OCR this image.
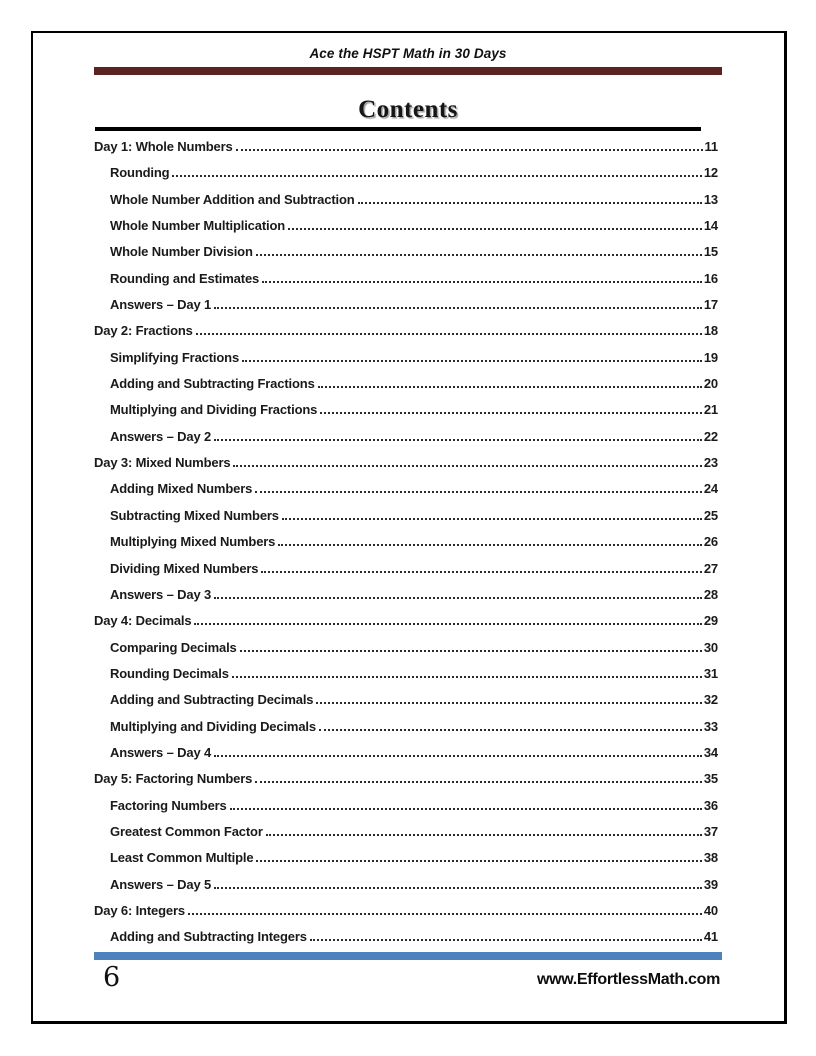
Ace the HSPT Math in 30 Days
Contents
Day 1: Whole Numbers	11
Rounding	12
Whole Number Addition and Subtraction	13
Whole Number Multiplication	14
Whole Number Division	15
Rounding and Estimates	16
Answers – Day 1	17
Day 2: Fractions	18
Simplifying Fractions	19
Adding and Subtracting Fractions	20
Multiplying and Dividing Fractions	21
Answers – Day 2	22
Day 3: Mixed Numbers	23
Adding Mixed Numbers	24
Subtracting Mixed Numbers	25
Multiplying Mixed Numbers	26
Dividing Mixed Numbers	27
Answers – Day 3	28
Day 4: Decimals	29
Comparing Decimals	30
Rounding Decimals	31
Adding and Subtracting Decimals	32
Multiplying and Dividing Decimals	33
Answers – Day 4	34
Day 5: Factoring Numbers	35
Factoring Numbers	36
Greatest Common Factor	37
Least Common Multiple	38
Answers – Day 5	39
Day 6: Integers	40
Adding and Subtracting Integers	41
6	www.EffortlessMath.com
